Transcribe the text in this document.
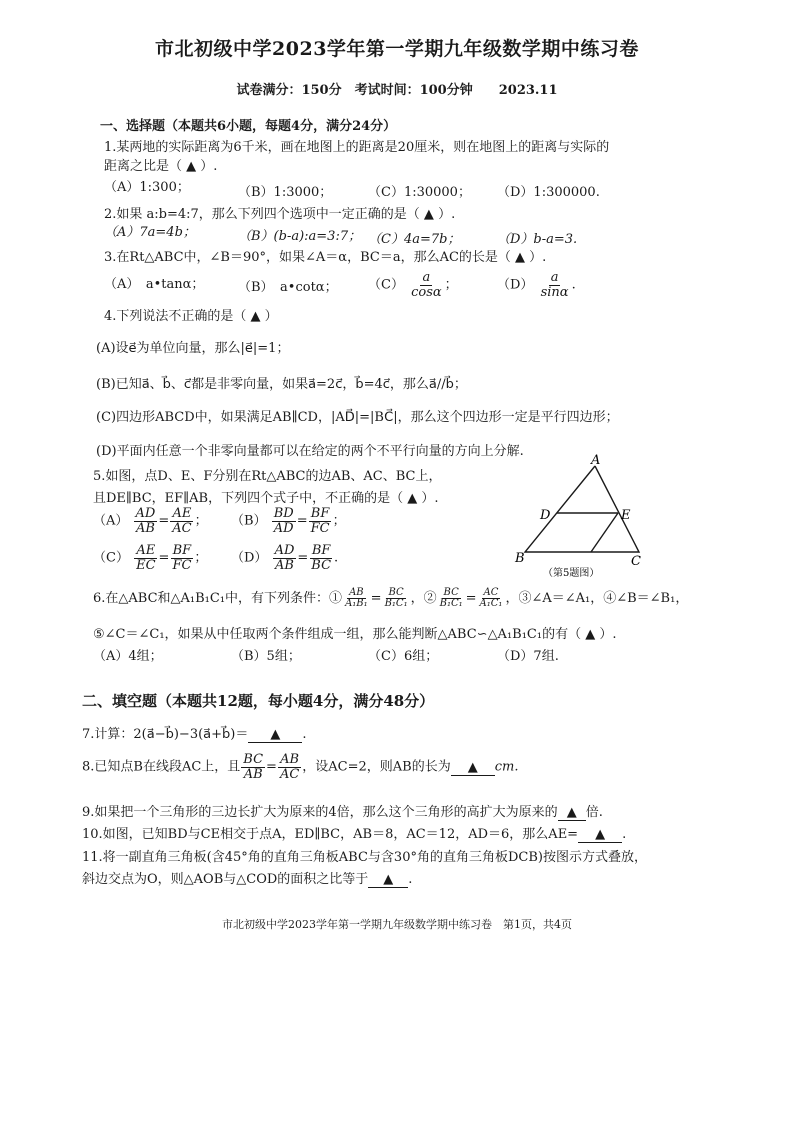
市北初级中学2023学年第一学期九年级数学期中练习卷
试卷满分：150分　考试时间：100分钟　　2023.11
一、选择题（本题共6小题，每题4分，满分24分）
1.某两地的实际距离为6千米，画在地图上的距离是20厘米，则在地图上的距离与实际的
距离之比是（ ▲ ）.
（A）1:300；	（B）1:3000；	（C）1:30000； （D）1:300000.
2.如果 a:b=4:7，那么下列四个选项中一定正确的是（ ▲ ）.
（A）7a=4b；	（B）(b-a):a=3:7； （C）4a=7b；	（D）b-a=3.
3.在Rt△ABC中，∠B＝90°，如果∠A＝α，BC＝a，那么AC的长是（ ▲ ）.
（A）　a•tanα；	（B）　a•cotα； $(C) \frac{a}{\cos\alpha}$ ；	$(D) \frac{a}{\sin\alpha}$ .
4.下列说法不正确的是（ ▲ ）
(A)设e⃗为单位向量，那么|e⃗|=1；
(B)已知a⃗、b⃗、c⃗都是非零向量，如果a⃗=2c⃗，b⃗=4c⃗，那么a⃗//b⃗；
(C)四边形ABCD中，如果满足AB∥CD，|AD⃗|=|BC⃗|，那么这个四边形一定是平行四边形；
(D)平面内任意一个非零向量都可以在给定的两个不平行向量的方向上分解.
5.如图，点D、E、F分别在Rt△ABC的边AB、AC、BC上，
且DE∥BC，EF∥AB，下列四个式子中，不正确的是（ ▲ ）.
$(A) \frac{AD}{AB} = \frac{AE}{AC}$ ； $(B) \frac{BD}{AD} = \frac{BF}{FC}$ ；
$(C) \frac{AE}{EC} = \frac{BF}{FC}$ ； $(D) \frac{AD}{AB} = \frac{BF}{BC}$ .
A
B	C
D	E
（第5题图）
6.在△ABC和△A₁B₁C₁中，有下列条件：① $\frac{AB}{\text{A₁B₁}} = \frac{BC}{\text{B₁C₁}}$ ，② $\frac{BC}{\text{B₁C₁}} = \frac{AC}{\text{A₁C₁}}$ ，③∠A＝∠A₁，④∠B＝∠B₁，
⑤∠C＝∠C₁，如果从中任取两个条件组成一组，那么能判断△ABC∽△A₁B₁C₁的有（ ▲ ）.
（A）4组；	（B）5组；	（C）6组；	（D）7组.
二、填空题（本题共12题，每小题4分，满分48分）
7.计算：2(a⃗−b⃗)−3(a⃗+b⃗)＝ ▲ .
8.已知点B在线段AC上，且 $\frac{BC}{AB} = \frac{AB}{AC}$ ，设AC=2，则AB的长为 ▲ cm.
9.如果把一个三角形的三边长扩大为原来的4倍，那么这个三角形的高扩大为原来的 ▲ 倍.
10.如图，已知BD与CE相交于点A，ED∥BC，AB＝8，AC＝12，AD＝6，那么AE= ▲ .
11.将一副直角三角板(含45°角的直角三角板ABC与含30°角的直角三角板DCB)按图示方式叠放，
斜边交点为O，则△AOB与△COD的面积之比等于 ▲ .
市北初级中学2023学年第一学期九年级数学期中练习卷　第1页，共4页
